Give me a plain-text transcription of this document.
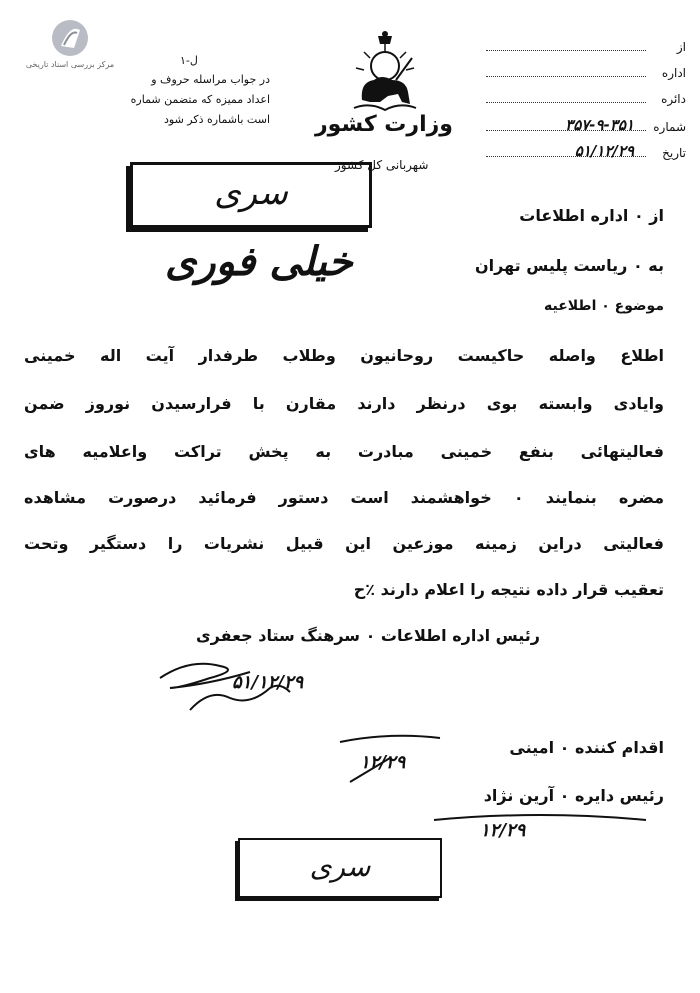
مرکز بررسی اسناد تاریخی	ل-۱
در جواب مراسله حروف و
اعداد ممیزه که متضمن شماره
است باشماره ذکر شود وزارت کشور
شهربانی کل کشور
از
اداره
دائره
شماره
۳۵۷-۹-۳۵۱
تاریخ
۵۱/۱۲/۲۹
سری
خیلی فوری
از ۰ اداره اطلاعات
به ۰ ریاست پلیس تهران
موضوع ۰ اطلاعیه
اطلاع واصله حاکیست روحانیون وطلاب طرفدار آیت اله خمینی
وایادی وابسته بوی درنظر دارند مقارن با فرارسیدن نوروز ضمن
فعالیتهائی بنفع خمینی مبادرت به پخش تراکت واعلامیه های
مضره بنمایند ۰ خواهشمند است دستور فرمائید درصورت مشاهده
فعالیتی دراین زمینه موزعین این قبیل نشریات را دستگیر وتحت
تعقیب قرار داده نتیجه را اعلام دارند ٪ح
رئیس اداره اطلاعات ۰ سرهنگ ستاد جعفری
۵۱/۱۲/۲۹
اقدام کننده ۰ امینی
۱۲/۲۹
رئیس دایره ۰ آرین نژاد
۱۲/۲۹
سری
